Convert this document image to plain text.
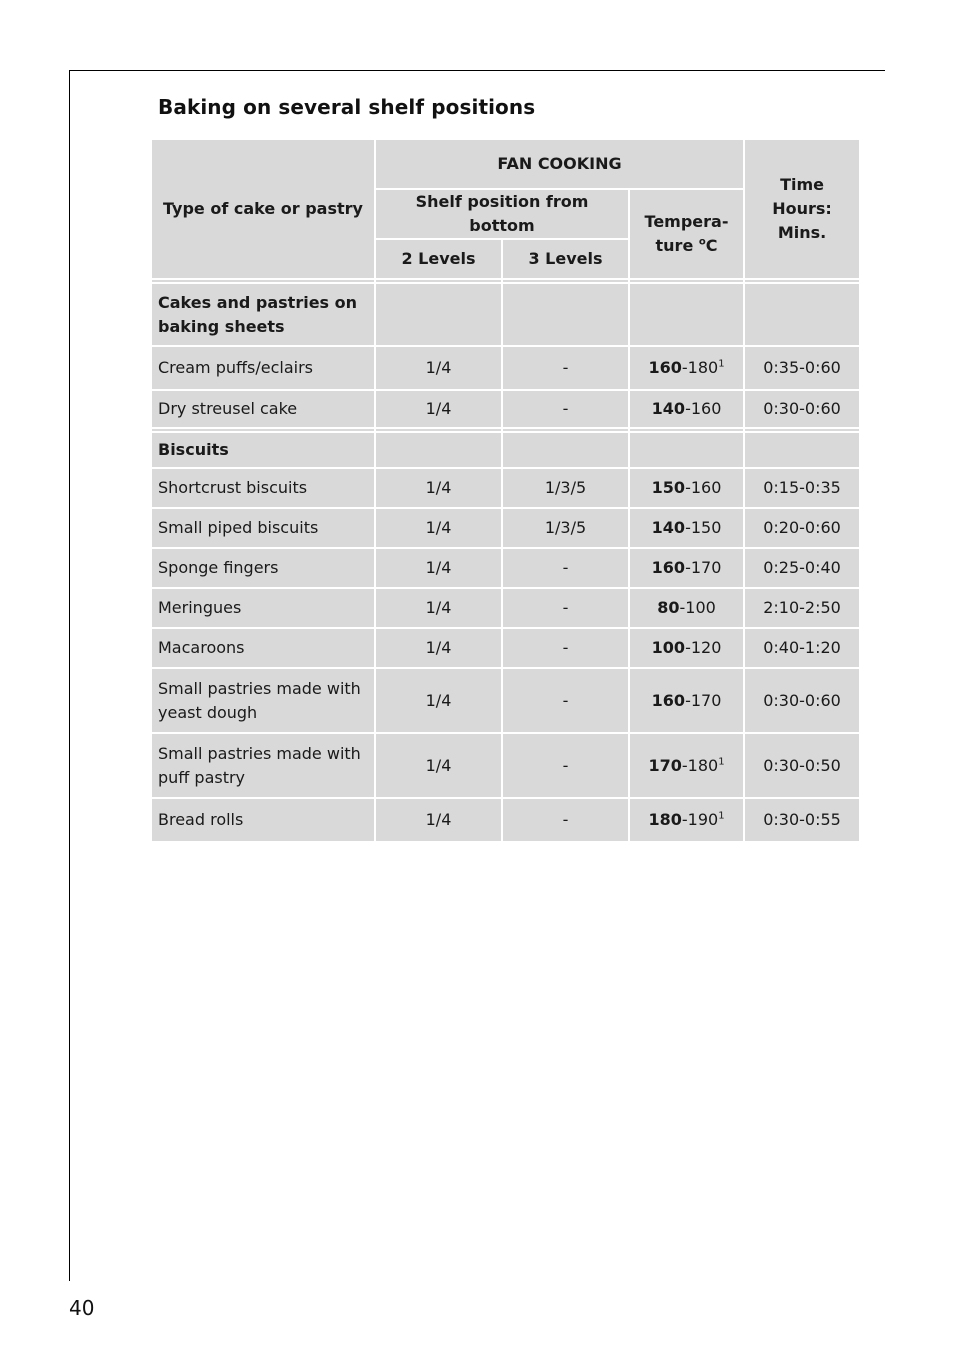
Baking on several shelf positions
Type of cake or pastry	FAN COOKING			Time
Hours:
Mins.
	Shelf position from bottom		Tempera-
ture $^o$C	
	2 Levels	3 Levels		

Cakes and pastries on
baking sheets				
Cream puffs/eclairs	1/4	-	$160-180^1$	0:35-0:60
Dry streusel cake	1/4	-	140-160	0:30-0:60

Biscuits				
Shortcrust biscuits	1/4	1/3/5	150-160	0:15-0:35
Small piped biscuits	1/4	1/3/5	140-150	0:20-0:60
Sponge fingers	1/4	-	160-170	0:25-0:40
Meringues	1/4	-	80-100	2:10-2:50
Macaroons	1/4	-	100-120	0:40-1:20
Small pastries made with
yeast dough	1/4	-	160-170	0:30-0:60
Small pastries made with
puff pastry	1/4	-	$170-180^1$	0:30-0:50
Bread rolls	1/4	-	$180-190^1$	0:30-0:55
40
